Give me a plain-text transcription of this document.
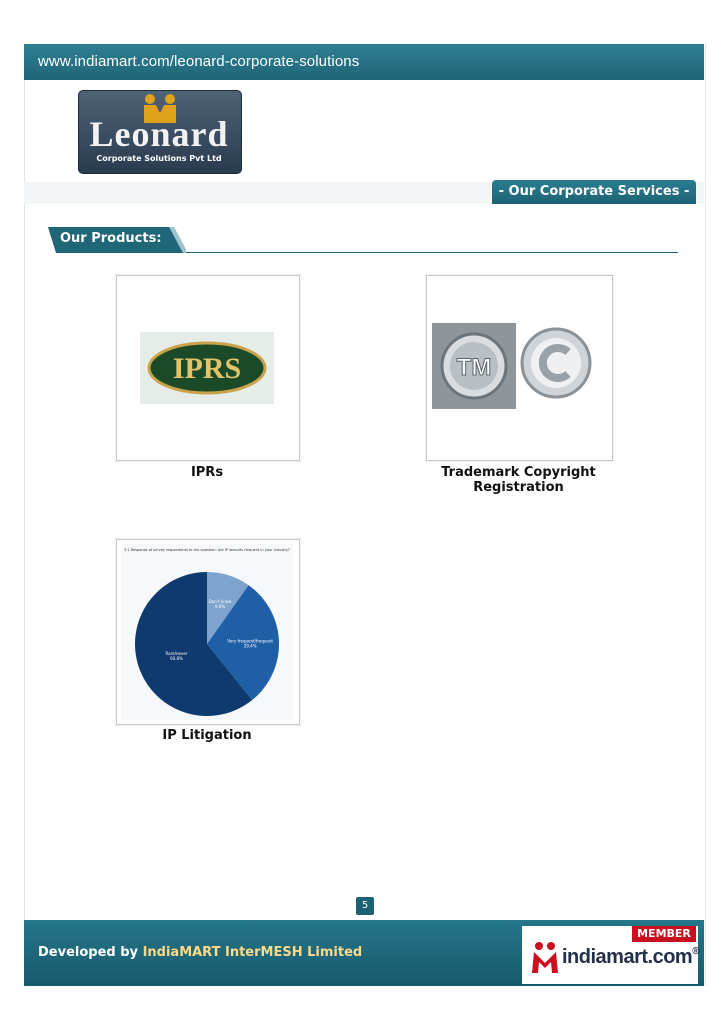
www.indiamart.com/leonard-corporate-solutions
Leonard
Corporate Solutions Pvt Ltd
- Our Corporate Services -
Our Products:
IPRS
IPRs
TM
Trademark Copyright Registration
3.1 Response of survey respondents to the question: Are IP lawsuits frequent in your industry?
Don't know
9.8%
Very frequent/frequent
29.4%
Rare/never
60.8%
IP Litigation
5
Developed by IndiaMART InterMESH Limited
MEMBER
indiamart.com®
